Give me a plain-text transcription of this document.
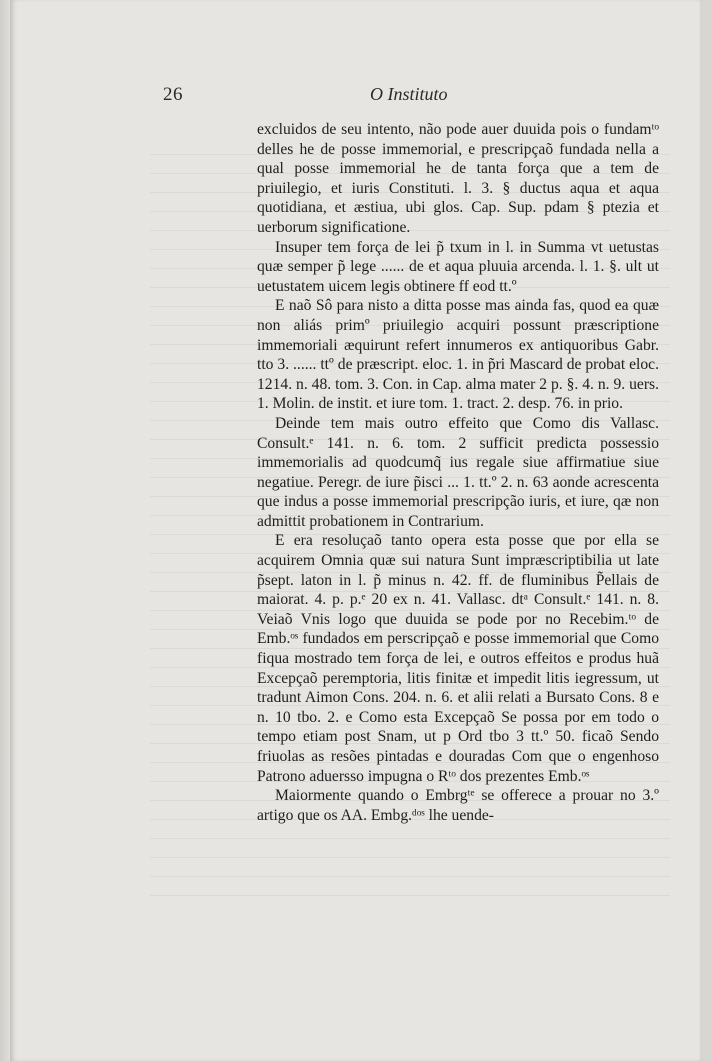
26	O Instituto

excluidos de seu intento, não pode auer duuida pois o fundamᵗᵒ delles he de posse immemorial, e prescripçaõ fundada nella a qual posse immemorial he de tanta força que a tem de priuilegio, et iuris Constituti. l. 3. § ductus aqua et aqua quotidiana, et æstiua, ubi glos. Cap. Sup. pdam § ptezia et uerborum significatione.

Insuper tem força de lei p̃ txum in l. in Summa vt uetustas quæ semper p̃ lege ...... de et aqua pluuia arcenda. l. 1. §. ult ut uetustatem uicem legis obtinere ff eod tt.º

E naõ Sô para nisto a ditta posse mas ainda fas, quod ea quæ non aliás primº priuilegio acquiri possunt præscriptione immemoriali æquirunt refert innumeros ex antiquoribus Gabr. tto 3. ...... ttº de præscript. eloc. 1. in p̃ri Mascard de probat eloc. 1214. n. 48. tom. 3. Con. in Cap. alma mater 2 p. §. 4. n. 9. uers. 1. Molin. de instit. et iure tom. 1. tract. 2. desp. 76. in prio.

Deinde tem mais outro effeito que Como dis Vallasc. Consult.ᵉ 141. n. 6. tom. 2 sufficit predicta possessio immemorialis ad quodcumq̃ ius regale siue affirmatiue siue negatiue. Peregr. de iure p̃isci ... 1. tt.º 2. n. 63 aonde acrescenta que indus a posse immemorial prescripção iuris, et iure, qæ non admittit probationem in Contrarium.

E era resoluçaõ tanto opera esta posse que por ella se acquirem Omnia quæ sui natura Sunt imprӕscriptibilia ut late p̃sept. laton in l. p̃ minus n. 42. ff. de fluminibus P̃ellais de maiorat. 4. p. p.ᵉ 20 ex n. 41. Vallasc. dtᵃ Consult.ᵉ 141. n. 8. Veiaõ Vnis logo que duuida se pode por no Recebim.ᵗᵒ de Emb.ᵒˢ fundados em perscripçaõ e posse immemorial que Como fiqua mostrado tem força de lei, e outros effeitos e produs huã Excepçaõ peremptoria, litis finitæ et impedit litis iegressum, ut tradunt Aimon Cons. 204. n. 6. et alii relati a Bursato Cons. 8 e n. 10 tbo. 2. e Como esta Excepçaõ Se possa por em todo o tempo etiam post Snam, ut p Ord tbo 3 tt.º 50. ficaõ Sendo friuolas as resões pintadas e douradas Com que o engenhoso Patrono aduersso impugna o Rᵗᵒ dos prezentes Emb.ᵒˢ

Maiormente quando o Embrgᵗᵉ se offerece a prouar no 3.º artigo que os AA. Embg.ᵈᵒˢ lhe uende-
